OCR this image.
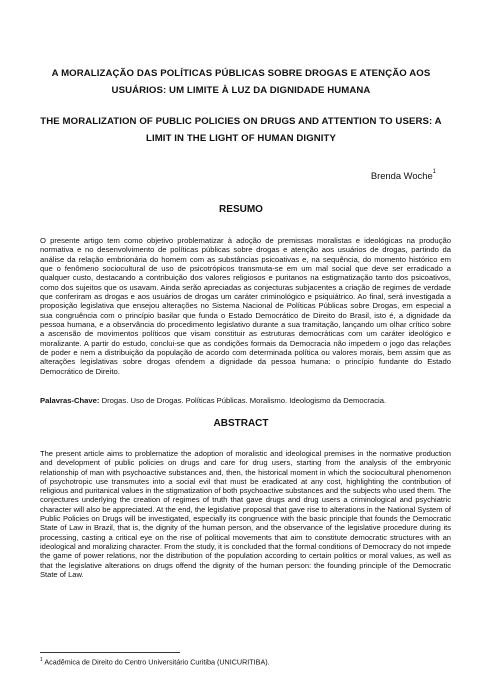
A MORALIZAÇÃO DAS POLÍTICAS PÚBLICAS SOBRE DROGAS E ATENÇÃO AOS USUÁRIOS: UM LIMITE À LUZ DA DIGNIDADE HUMANA
THE MORALIZATION OF PUBLIC POLICIES ON DRUGS AND ATTENTION TO USERS: A LIMIT IN THE LIGHT OF HUMAN DIGNITY
Brenda Woche$^1$
RESUMO
O presente artigo tem como objetivo problematizar à adoção de premissas moralistas e ideológicas na produção normativa e no desenvolvimento de políticas públicas sobre drogas e atenção aos usuários de drogas, partindo da análise da relação embrionária do homem com as substâncias psicoativas e, na sequência, do momento histórico em que o fenômeno sociocultural de uso de psicotrópicos transmuta-se em um mal social que deve ser erradicado a qualquer custo, destacando a contribuição dos valores religiosos e puritanos na estigmatização tanto dos psicoativos, como dos sujeitos que os usavam. Ainda serão apreciadas as conjecturas subjacentes a criação de regimes de verdade que conferiram as drogas e aos usuários de drogas um caráter criminológico e psiquiátrico. Ao final, será investigada a proposição legislativa que ensejou alterações no Sistema Nacional de Políticas Públicas sobre Drogas, em especial a sua congruência com o princípio basilar que funda o Estado Democrático de Direito do Brasil, isto é, a dignidade da pessoa humana, e a observância do procedimento legislativo durante a sua tramitação, lançando um olhar crítico sobre a ascensão de movimentos políticos que visam constituir as estruturas democráticas com um caráter ideológico e moralizante. A partir do estudo, conclui-se que as condições formais da Democracia não impedem o jogo das relações de poder e nem a distribuição da população de acordo com determinada política ou valores morais, bem assim que as alterações legislativas sobre drogas ofendem a dignidade da pessoa humana: o princípio fundante do Estado Democrático de Direito.
Palavras-Chave: Drogas. Uso de Drogas. Políticas Públicas. Moralismo. Ideologismo da Democracia.
ABSTRACT
The present article aims to problematize the adoption of moralistic and ideological premises in the normative production and development of public policies on drugs and care for drug users, starting from the analysis of the embryonic relationship of man with psychoactive substances and, then, the historical moment in which the sociocultural phenomenon of psychotropic use transmutes into a social evil that must be eradicated at any cost, highlighting the contribution of religious and puritanical values in the stigmatization of both psychoactive substances and the subjects who used them. The conjectures underlying the creation of regimes of truth that gave drugs and drug users a criminological and psychiatric character will also be appreciated. At the end, the legislative proposal that gave rise to alterations in the National System of Public Policies on Drugs will be investigated, especially its congruence with the basic principle that founds the Democratic State of Law in Brazil, that is, the dignity of the human person, and the observance of the legislative procedure during its processing, casting a critical eye on the rise of political movements that aim to constitute democratic structures with an ideological and moralizing character. From the study, it is concluded that the formal conditions of Democracy do not impede the game of power relations, nor the distribution of the population according to certain politics or moral values, as well as that the legislative alterations on drugs offend the dignity of the human person: the founding principle of the Democratic State of Law.
$^1$ Acadêmica de Direito do Centro Universitário Curitiba (UNICURITIBA).
